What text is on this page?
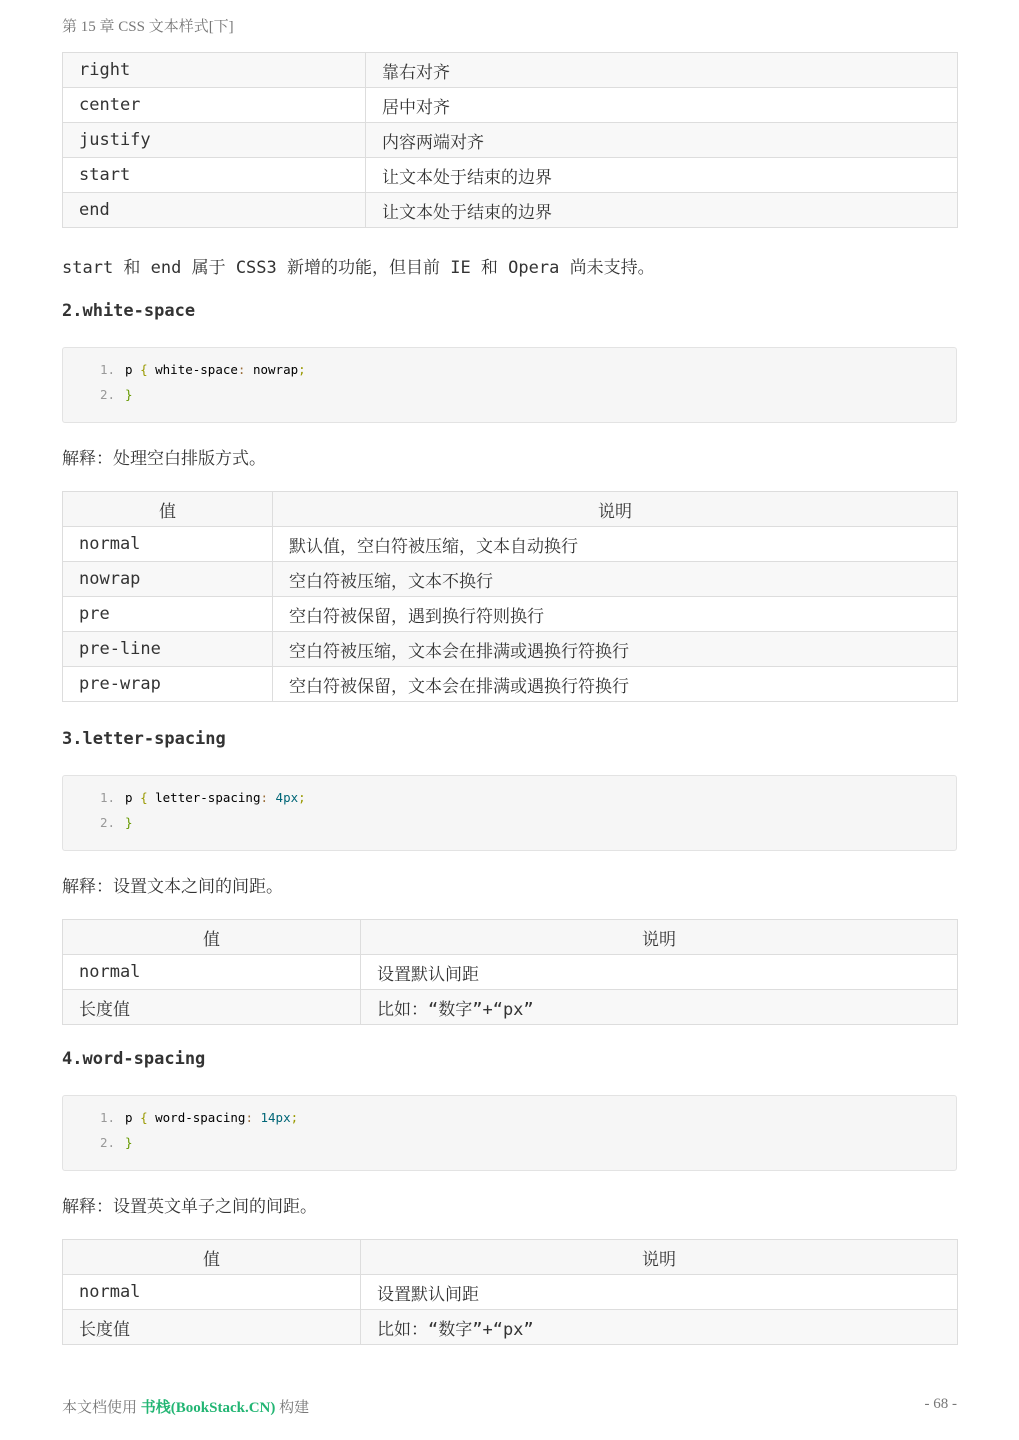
第 15 章 CSS 文本样式[下]
right	靠右对齐
center	居中对齐
justify	内容两端对齐
start	让文本处于结束的边界
end	让文本处于结束的边界

start 和 end 属于 CSS3 新增的功能，但目前 IE 和 Opera 尚未支持。

2.white-space
1. p { white-space: nowrap;
2. }

解释：处理空白排版方式。

值	说明
normal	默认值，空白符被压缩，文本自动换行
nowrap	空白符被压缩，文本不换行
pre	空白符被保留，遇到换行符则换行
pre-line	空白符被压缩，文本会在排满或遇换行符换行
pre-wrap	空白符被保留，文本会在排满或遇换行符换行
3.letter-spacing
1. p { letter-spacing: 4px;
2. }

解释：设置文本之间的间距。

值	说明
normal	设置默认间距
长度值	比如：“数字”+“px”
4.word-spacing
1. p { word-spacing: 14px;
2. }

解释：设置英文单子之间的间距。

值	说明
normal	设置默认间距
长度值	比如：“数字”+“px”
本文档使用 书栈(BookStack.CN) 构建	- 68 -
